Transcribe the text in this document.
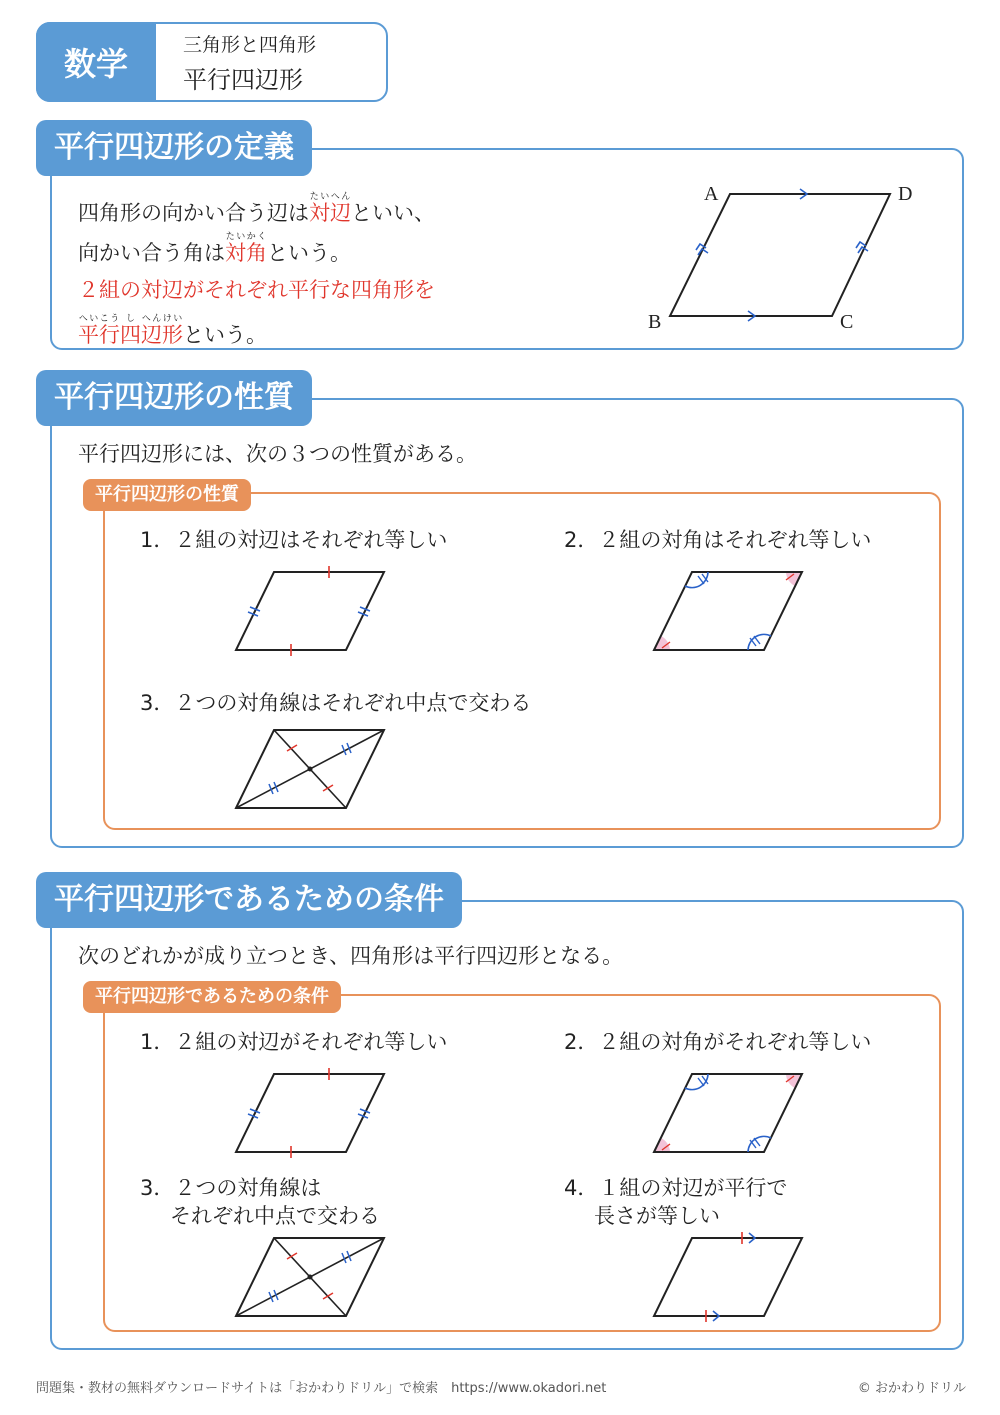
数学	三角形と四角形
平行四辺形
平行四辺形の定義
四角形の向かい合う辺は対辺たいへんといい、
向かい合う角は対角たいかくという。
２組の対辺がそれぞれ平行な四角形を
平行へいこう四し辺形へんけいという。
A	D
B	C
平行四辺形の性質
平行四辺形には、次の３つの性質がある。
平行四辺形の性質
1．２組の対辺はそれぞれ等しい	2．２組の対角はそれぞれ等しい
3．２つの対角線はそれぞれ中点で交わる
平行四辺形であるための条件
次のどれかが成り立つとき、四角形は平行四辺形となる。
平行四辺形であるための条件
1．２組の対辺がそれぞれ等しい	2．２組の対角がそれぞれ等しい
3．２つの対角線は
それぞれ中点で交わる
4．１組の対辺が平行で
長さが等しい
問題集・教材の無料ダウンロードサイトは「おかわりドリル」で検索　https://www.okadori.net	© おかわりドリル
